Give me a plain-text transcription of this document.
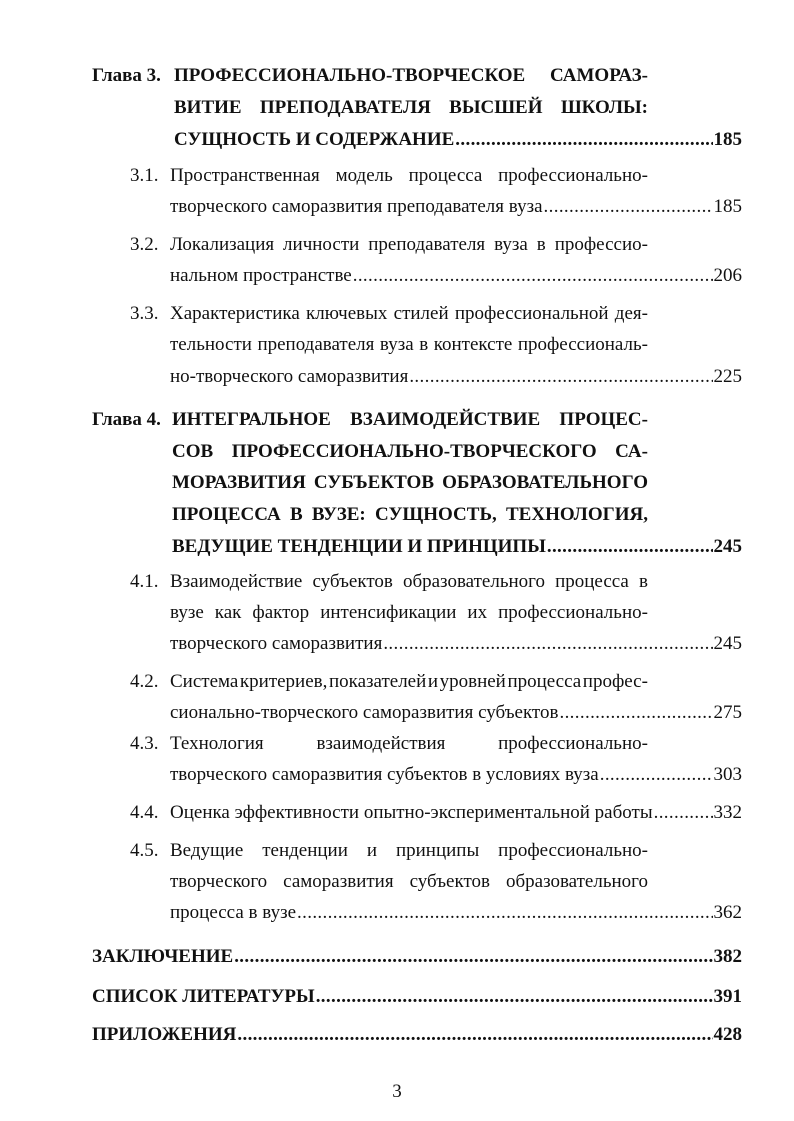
Глава 3. ПРОФЕССИОНАЛЬНО-ТВОРЧЕСКОЕ САМОРАЗ-
ВИТИЕ ПРЕПОДАВАТЕЛЯ ВЫСШЕЙ ШКОЛЫ:
СУЩНОСТЬ И СОДЕРЖАНИЕ . . .	185
3.1. Пространственная модель процесса профессионально-
творческого саморазвития преподавателя вуза . . .	185
3.2. Локализация личности преподавателя вуза в профессио-
нальном пространстве . . .	206
3.3. Характеристика ключевых стилей профессиональной дея-
тельности преподавателя вуза в контексте профессиональ-
но-творческого саморазвития . . .	225
Глава 4. ИНТЕГРАЛЬНОЕ ВЗАИМОДЕЙСТВИЕ ПРОЦЕС-
СОВ ПРОФЕССИОНАЛЬНО-ТВОРЧЕСКОГО СА-
МОРАЗВИТИЯ СУБЪЕКТОВ ОБРАЗОВАТЕЛЬНОГО
ПРОЦЕССА В ВУЗЕ: СУЩНОСТЬ, ТЕХНОЛОГИЯ,
ВЕДУЩИЕ ТЕНДЕНЦИИ И ПРИНЦИПЫ . . .	245
4.1. Взаимодействие субъектов образовательного процесса в
вузе как фактор интенсификации их профессионально-
творческого саморазвития . . .	245
4.2. Система критериев, показателей и уровней процесса профес-
сионально-творческого саморазвития субъектов . . .	275
4.3. Технология	взаимодействия	профессионально-
творческого саморазвития субъектов в условиях вуза . . .	303
4.4. Оценка эффективности опытно-экспериментальной работы . . .	332
4.5. Ведущие тенденции и принципы профессионально-
творческого саморазвития субъектов образовательного
процесса в вузе . . .	362
ЗАКЛЮЧЕНИЕ . . .	382
СПИСОК ЛИТЕРАТУРЫ . . .	391
ПРИЛОЖЕНИЯ . . .	428
3
